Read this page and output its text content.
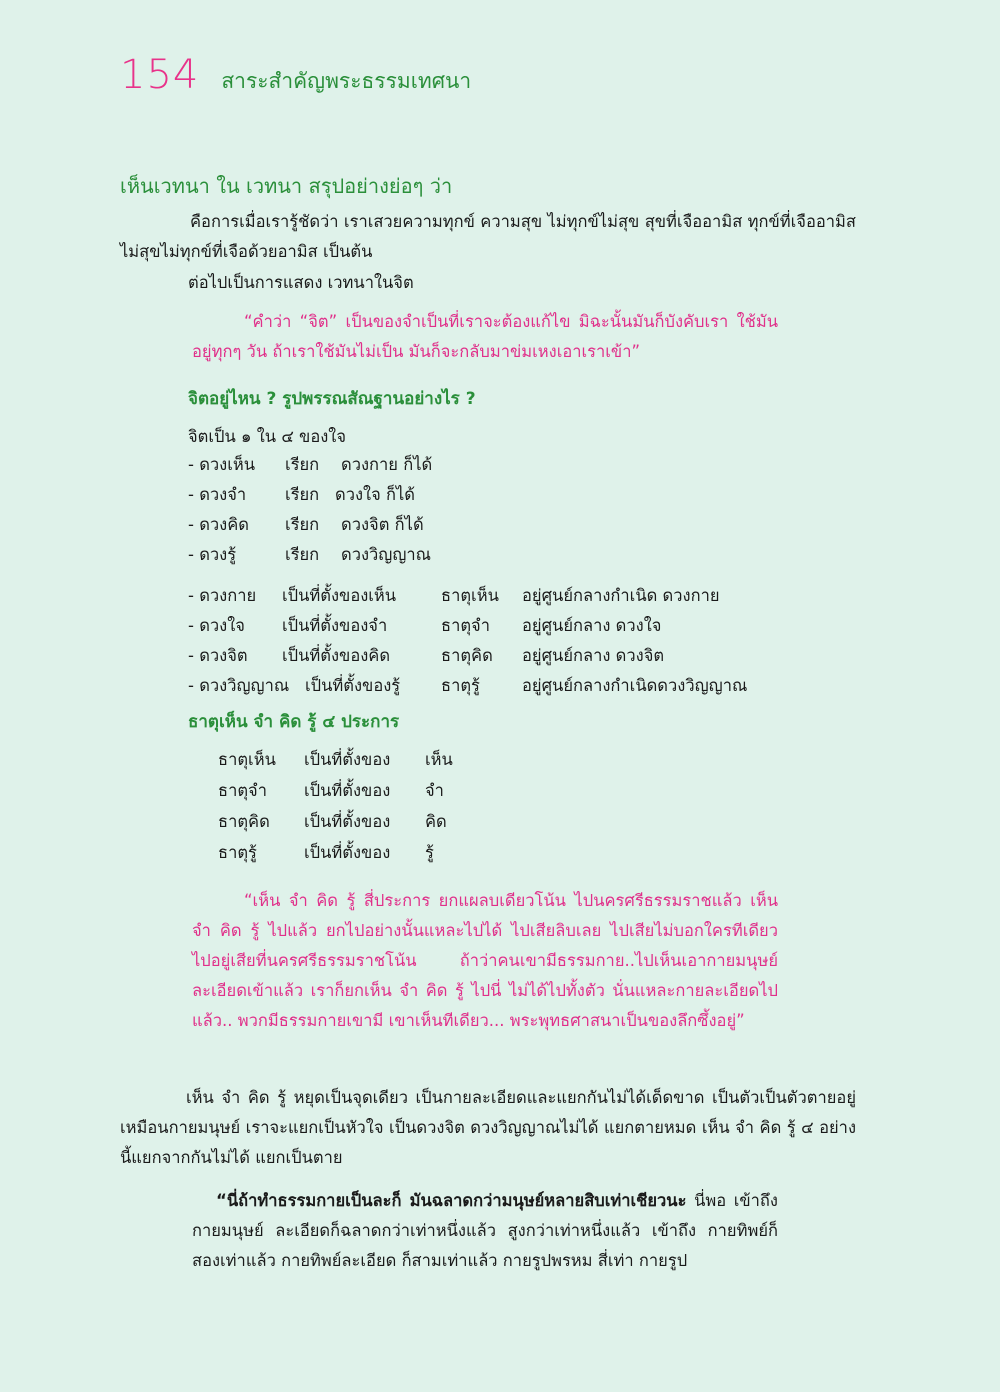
154 สาระสำคัญพระธรรมเทศนา
เห็นเวทนา ใน เวทนา สรุปอย่างย่อๆ ว่า
คือการเมื่อเรารู้ชัดว่า เราเสวยความทุกข์ ความสุข ไม่ทุกข์ไม่สุข สุขที่เจืออามิส ทุกข์ที่เจืออามิส ไม่สุขไม่ทุกข์ที่เจือด้วยอามิส เป็นต้น
ต่อไปเป็นการแสดง เวทนาในจิต
“คำว่า “จิต” เป็นของจำเป็นที่เราจะต้องแก้ไข มิฉะนั้นมันก็บังคับเรา ใช้มันอยู่ทุกๆ วัน ถ้าเราใช้มันไม่เป็น มันก็จะกลับมาข่มเหงเอาเราเข้า”
จิตอยู่ไหน ? รูปพรรณสัณฐานอย่างไร ?
จิตเป็น ๑ ใน ๔ ของใจ
- ดวงเห็น เรียก ดวงกาย ก็ได้
- ดวงจำ เรียก ดวงใจ ก็ได้
- ดวงคิด เรียก ดวงจิต ก็ได้
- ดวงรู้	เรียก ดวงวิญญาณ
- ดวงกาย เป็นที่ตั้งของเห็น	ธาตุเห็น อยู่ศูนย์กลางกำเนิด ดวงกาย
- ดวงใจ เป็นที่ตั้งของจำ	ธาตุจำ อยู่ศูนย์กลาง ดวงใจ
- ดวงจิต เป็นที่ตั้งของคิด	ธาตุคิด อยู่ศูนย์กลาง ดวงจิต
- ดวงวิญญาณ เป็นที่ตั้งของรู้ ธาตุรู้	อยู่ศูนย์กลางกำเนิดดวงวิญญาณ
ธาตุเห็น จำ คิด รู้ ๔ ประการ
ธาตุเห็น เป็นที่ตั้งของ เห็น
ธาตุจำ เป็นที่ตั้งของ จำ
ธาตุคิด เป็นที่ตั้งของ คิด
ธาตุรู้	เป็นที่ตั้งของ รู้
“เห็น จำ คิด รู้ สี่ประการ ยกแผลบเดียวโน้น ไปนครศรีธรรมราชแล้ว เห็น จำ คิด รู้ ไปแล้ว ยกไปอย่างนั้นแหละไปได้ ไปเสียลิบเลย ไปเสียไม่บอกใครทีเดียว ไปอยู่เสียที่นครศรีธรรมราชโน้น ถ้าว่าคนเขามีธรรมกาย..ไปเห็นเอากายมนุษย์ละเอียดเข้าแล้ว เราก็ยกเห็น จำ คิด รู้ ไปนี่ ไม่ได้ไปทั้งตัว นั่นแหละกายละเอียดไปแล้ว.. พวกมีธรรมกายเขามี เขาเห็นทีเดียว... พระพุทธศาสนาเป็นของลึกซึ้งอยู่”
เห็น จำ คิด รู้ หยุดเป็นจุดเดียว เป็นกายละเอียดและแยกกันไม่ได้เด็ดขาด เป็นตัวเป็นตัวตายอยู่เหมือนกายมนุษย์ เราจะแยกเป็นหัวใจ เป็นดวงจิต ดวงวิญญาณไม่ได้ แยกตายหมด เห็น จำ คิด รู้ ๔ อย่างนี้แยกจากกันไม่ได้ แยกเป็นตาย
“นี่ถ้าทำธรรมกายเป็นละก็ มันฉลาดกว่ามนุษย์หลายสิบเท่าเชียวนะ นี่พอ เข้าถึงกายมนุษย์ ละเอียดก็ฉลาดกว่าเท่าหนึ่งแล้ว สูงกว่าเท่าหนึ่งแล้ว เข้าถึง กายทิพย์ก็สองเท่าแล้ว กายทิพย์ละเอียด ก็สามเท่าแล้ว กายรูปพรหม สี่เท่า กายรูป
